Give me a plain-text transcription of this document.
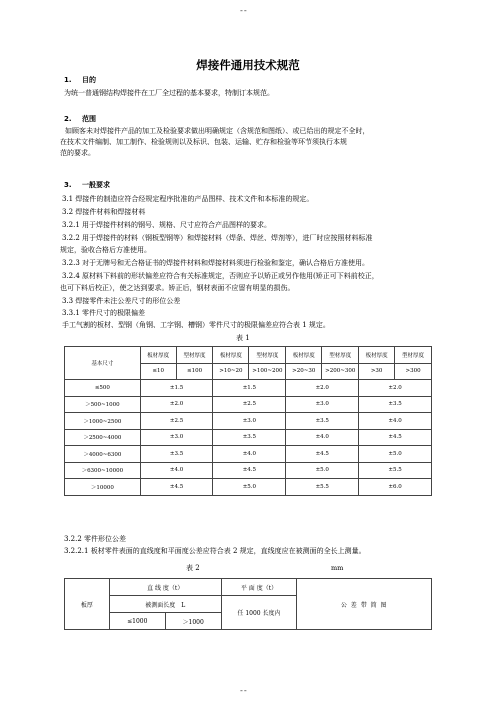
--
焊接件通用技术规范
1. 目的
为统一普通钢结构焊接件在工厂全过程的基本要求，特制订本规范。
2. 范围
如顾客未对焊接件产品的加工及检验要求做出明确规定（含规范和图纸）、或已给出的规定不全时，
在技术文件编制、加工制作、检验规则以及标识、包装、运输、贮存和检验等环节须执行本规
范的要求。
3. 一般要求
3.1 焊接件的制造应符合经规定程序批准的产品图样、技术文件和本标准的规定。
3.2 焊接件材料和焊接材料
3.2.1 用于焊接件材料的钢号、规格、尺寸应符合产品图样的要求。
3.2.2 用于焊接件的材料（钢板型钢等）和焊接材料（焊条、焊丝、焊剂等），进厂时应按照材料标准
规定，验收合格后方准使用。
3.2.3 对于无牌号和无合格证书的焊接件材料和焊接材料须进行检验和鉴定，确认合格后方准使用。
3.2.4 原材料下料前的形状偏差应符合有关标准规定，否则应予以矫正或另作他用(矫正可下料前校正，
也可下料后校正），使之达到要求。矫正后，钢材表面不应留有明显的损伤。
3.3 焊接零件未注公差尺寸的形位公差
3.3.1 零件尺寸的极限偏差
手工气割的板材、型钢（角钢、工字钢、槽钢）零件尺寸的极限偏差应符合表 1 规定。
表 1
基本尺寸	板材厚度	型材厚度	板材厚度	型材厚度	板材厚度	型材厚度	板材厚度	型材厚度
	≤10	≤100	>10~20	>100~200	>20~30	>200~300	>30	>300
≤500	±1.5		±1.5		±2.0		±2.0	
＞500~1000	±2.0		±2.5		±3.0		±3.5	
＞1000~2500	±2.5		±3.0		±3.5		±4.0	
＞2500~4000	±3.0		±3.5		±4.0		±4.5	
＞4000~6300	±3.5		±4.0		±4.5		±5.0	
＞6300~10000	±4.0		±4.5		±5.0		±5.5	
＞10000	±4.5		±5.0		±5.5		±6.0	
3.2.2 零件形位公差
3.2.2.1 板材零件表面的直线度和平面度公差应符合表 2 规定，直线度应在被测面的全长上测量。
表 2	mm
板厚	直 线 度（t）		平 面 度（t）	公 差 带 简 图
	被测面长度　L		任 1000 长度内	
	≤1000	＞1000		
--
